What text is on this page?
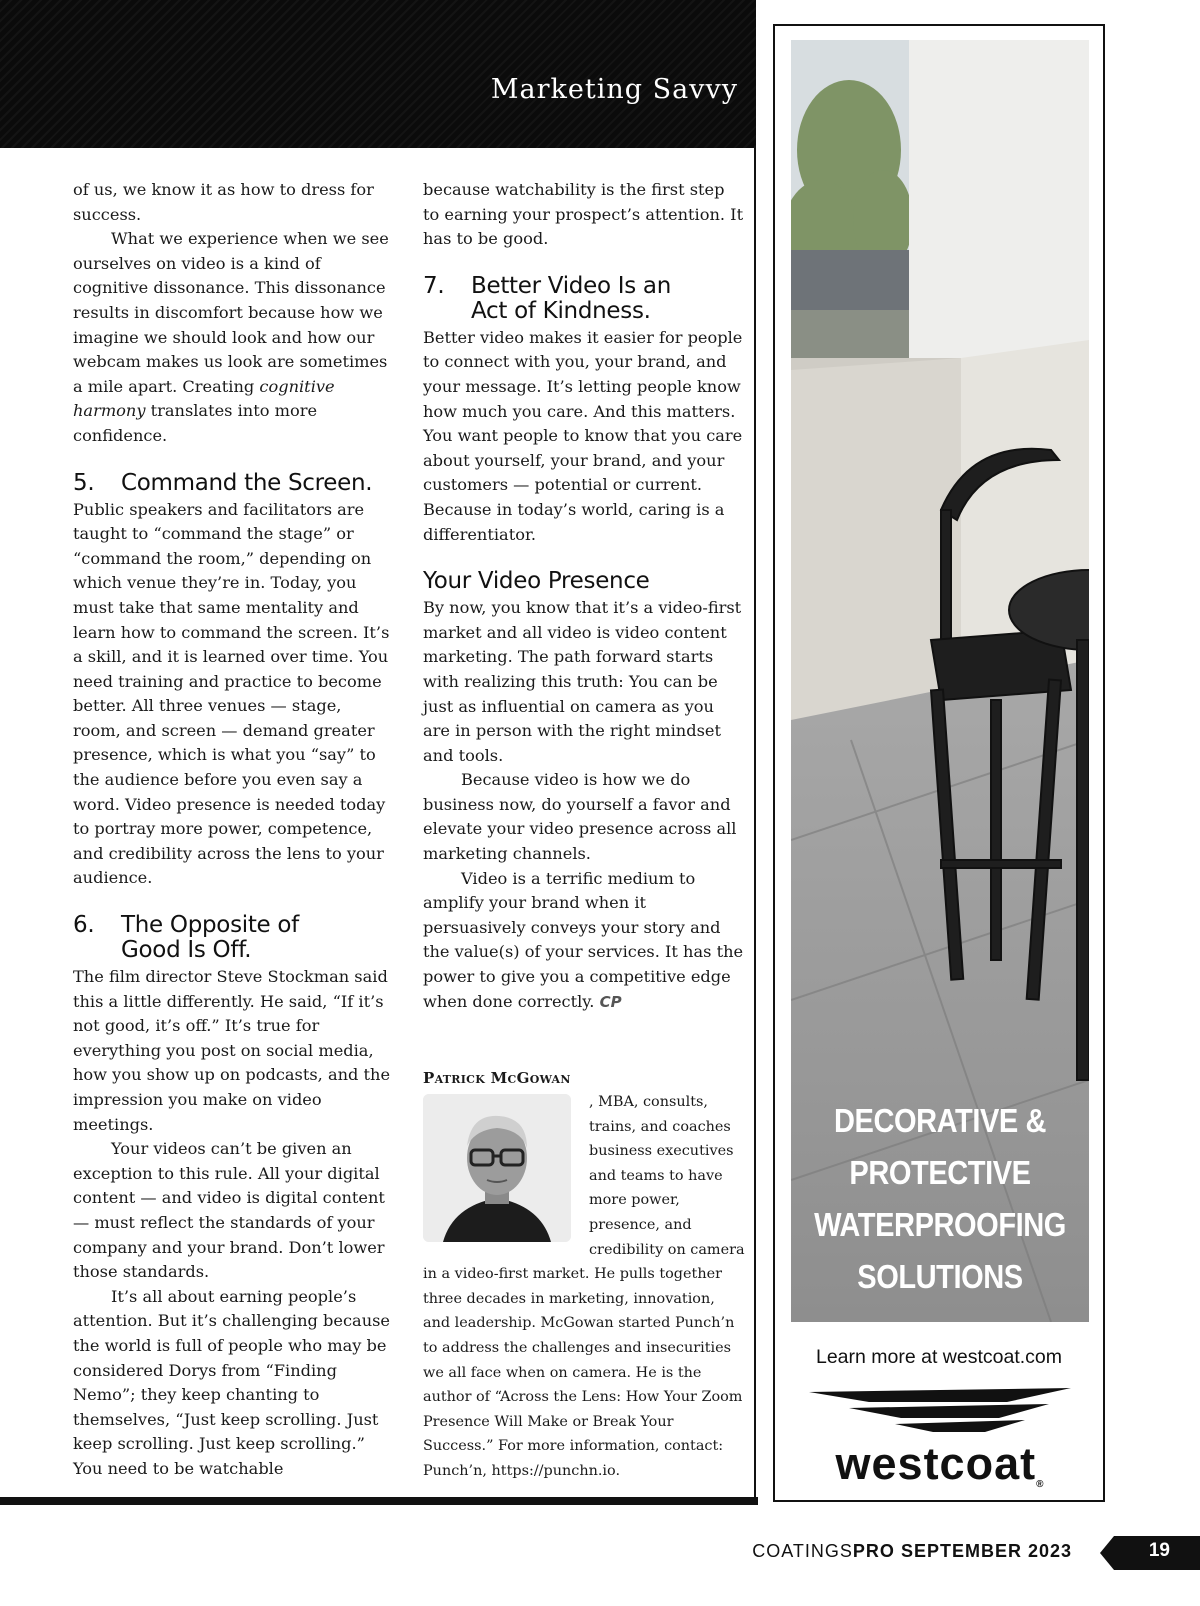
Marketing Savvy

of us, we know it as how to dress for success.

What we experience when we see ourselves on video is a kind of cognitive dissonance. This dissonance results in discomfort because how we imagine we should look and how our webcam makes us look are sometimes a mile apart. Creating cognitive harmony translates into more confidence.

5. Command the Screen.

Public speakers and facilitators are taught to “command the stage” or “command the room,” depending on which venue they’re in. Today, you must take that same mentality and learn how to command the screen. It’s a skill, and it is learned over time. You need training and practice to become better. All three venues — stage, room, and screen — demand greater presence, which is what you “say” to the audience before you even say a word. Video presence is needed today to portray more power, competence, and credibility across the lens to your audience.

6. The Opposite of
Good Is Off.

The film director Steve Stockman said this a little differently. He said, “If it’s not good, it’s off.” It’s true for everything you post on social media, how you show up on podcasts, and the impression you make on video meetings.

Your videos can’t be given an exception to this rule. All your digital content — and video is digital content — must reflect the standards of your company and your brand. Don’t lower those standards.

It’s all about earning people’s attention. But it’s challenging because the world is full of people who may be considered Dorys from “Finding Nemo”; they keep chanting to themselves, “Just keep scrolling. Just keep scrolling. Just keep scrolling.” You need to be watchable

because watchability is the first step to earning your prospect’s attention. It has to be good.

7. Better Video Is an
Act of Kindness.

Better video makes it easier for people to connect with you, your brand, and your message. It’s letting people know how much you care. And this matters. You want people to know that you care about yourself, your brand, and your customers — potential or current. Because in today’s world, caring is a differentiator.

Your Video Presence

By now, you know that it’s a video-first market and all video is video content marketing. The path forward starts with realizing this truth: You can be just as influential on camera as you are in person with the right mindset and tools.

Because video is how we do business now, do yourself a favor and elevate your video presence across all marketing channels.

Video is a terrific medium to amplify your brand when it persuasively conveys your story and the value(s) of your services. It has the power to give you a competitive edge when done correctly. CP

Patrick McGowan
, MBA, consults, trains, and coaches business executives and teams to have more power, presence, and credibility on camera in a video-first market. He pulls together three decades in marketing, innovation, and leadership. McGowan started Punch’n to address the challenges and insecurities we all face when on camera. He is the author of “Across the Lens: How Your Zoom Presence Will Make or Break Your Success.” For more information, contact: Punch’n, https://punchn.io.
DECORATIVE &
PROTECTIVE
WATERPROOFING
SOLUTIONS
Learn more at westcoat.com
westcoat®
COATINGSPRO SEPTEMBER 2023	19
